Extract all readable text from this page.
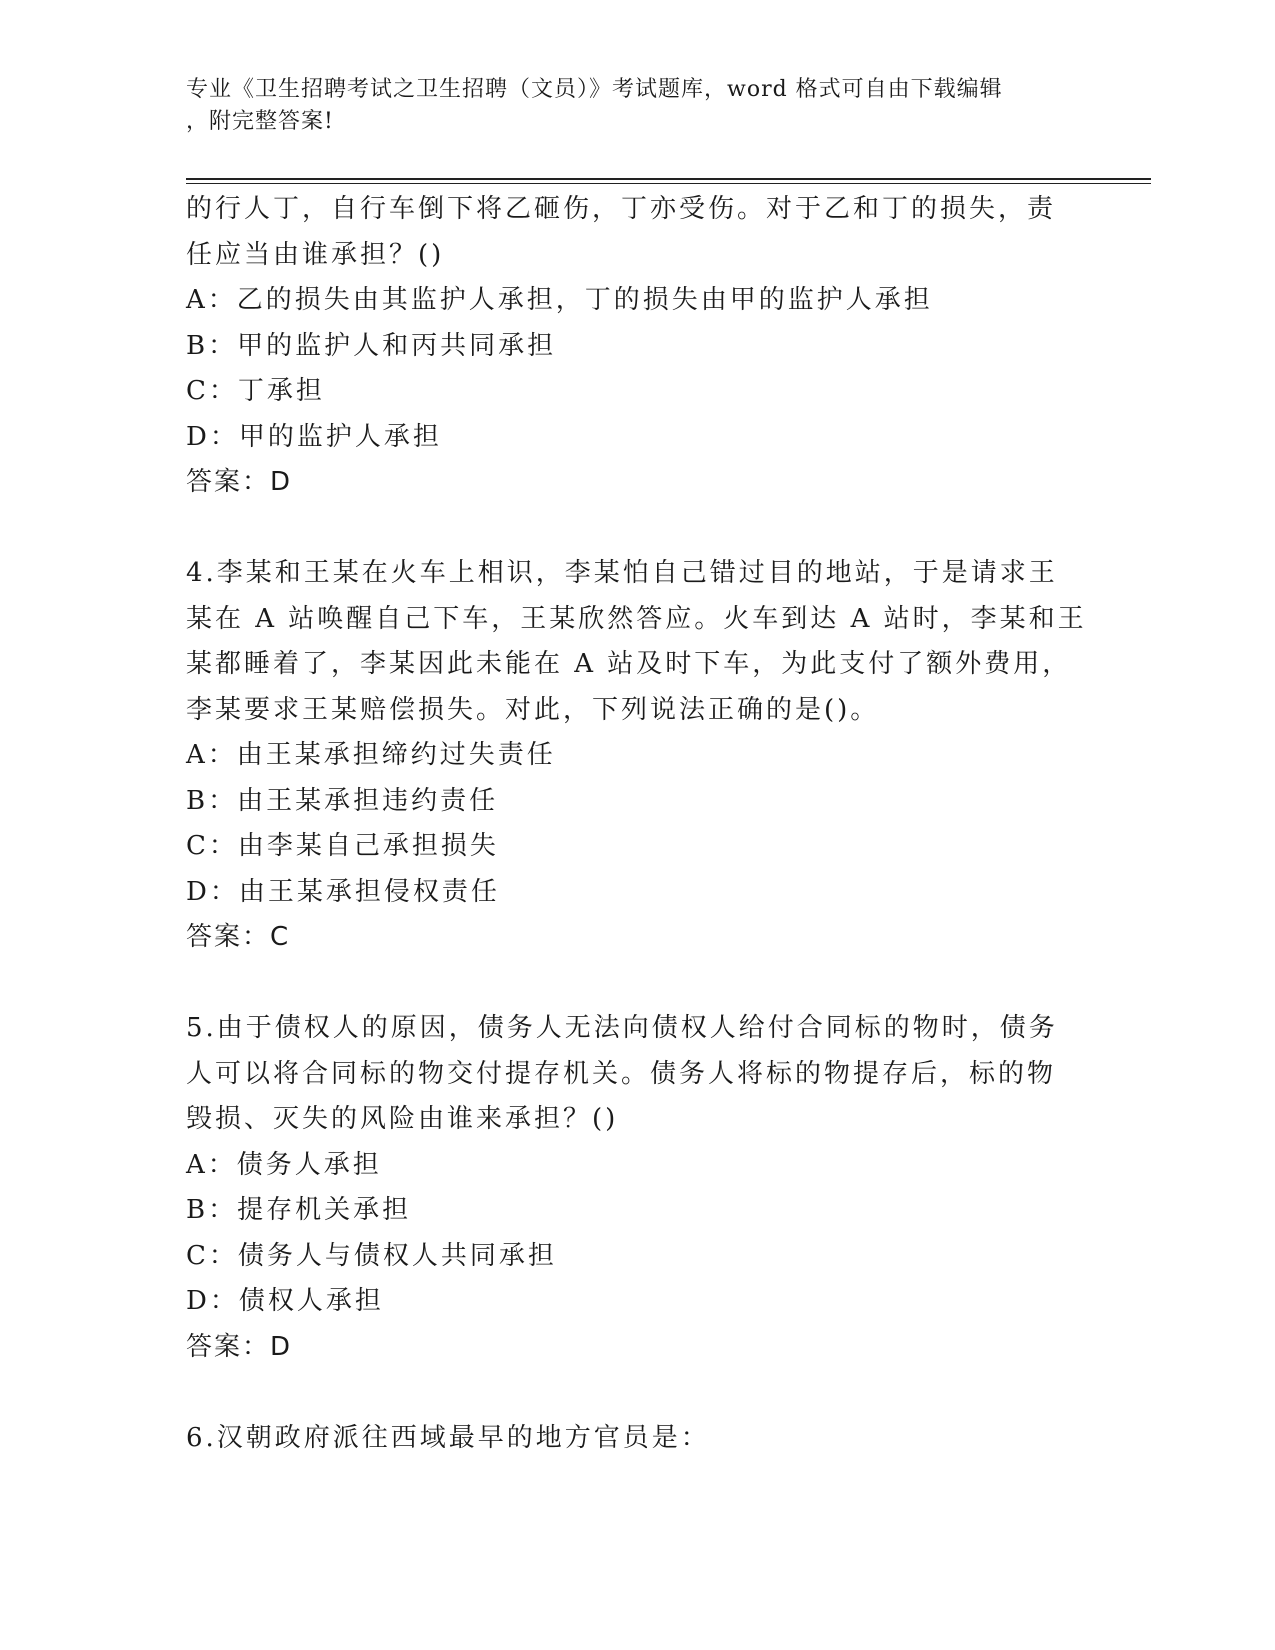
专业《卫生招聘考试之卫生招聘（文员）》考试题库，word 格式可自由下载编辑
，附完整答案!
的行人丁，自行车倒下将乙砸伤，丁亦受伤。对于乙和丁的损失，责
任应当由谁承担？()
A：乙的损失由其监护人承担，丁的损失由甲的监护人承担
B：甲的监护人和丙共同承担
C：丁承担
D：甲的监护人承担
答案：D
4.李某和王某在火车上相识，李某怕自己错过目的地站，于是请求王
某在 A 站唤醒自己下车，王某欣然答应。火车到达 A 站时，李某和王
某都睡着了，李某因此未能在 A 站及时下车，为此支付了额外费用，
李某要求王某赔偿损失。对此，下列说法正确的是()。
A：由王某承担缔约过失责任
B：由王某承担违约责任
C：由李某自己承担损失
D：由王某承担侵权责任
答案：C
5.由于债权人的原因，债务人无法向债权人给付合同标的物时，债务
人可以将合同标的物交付提存机关。债务人将标的物提存后，标的物
毁损、灭失的风险由谁来承担？()
A：债务人承担
B：提存机关承担
C：债务人与债权人共同承担
D：债权人承担
答案：D
6.汉朝政府派往西域最早的地方官员是：
